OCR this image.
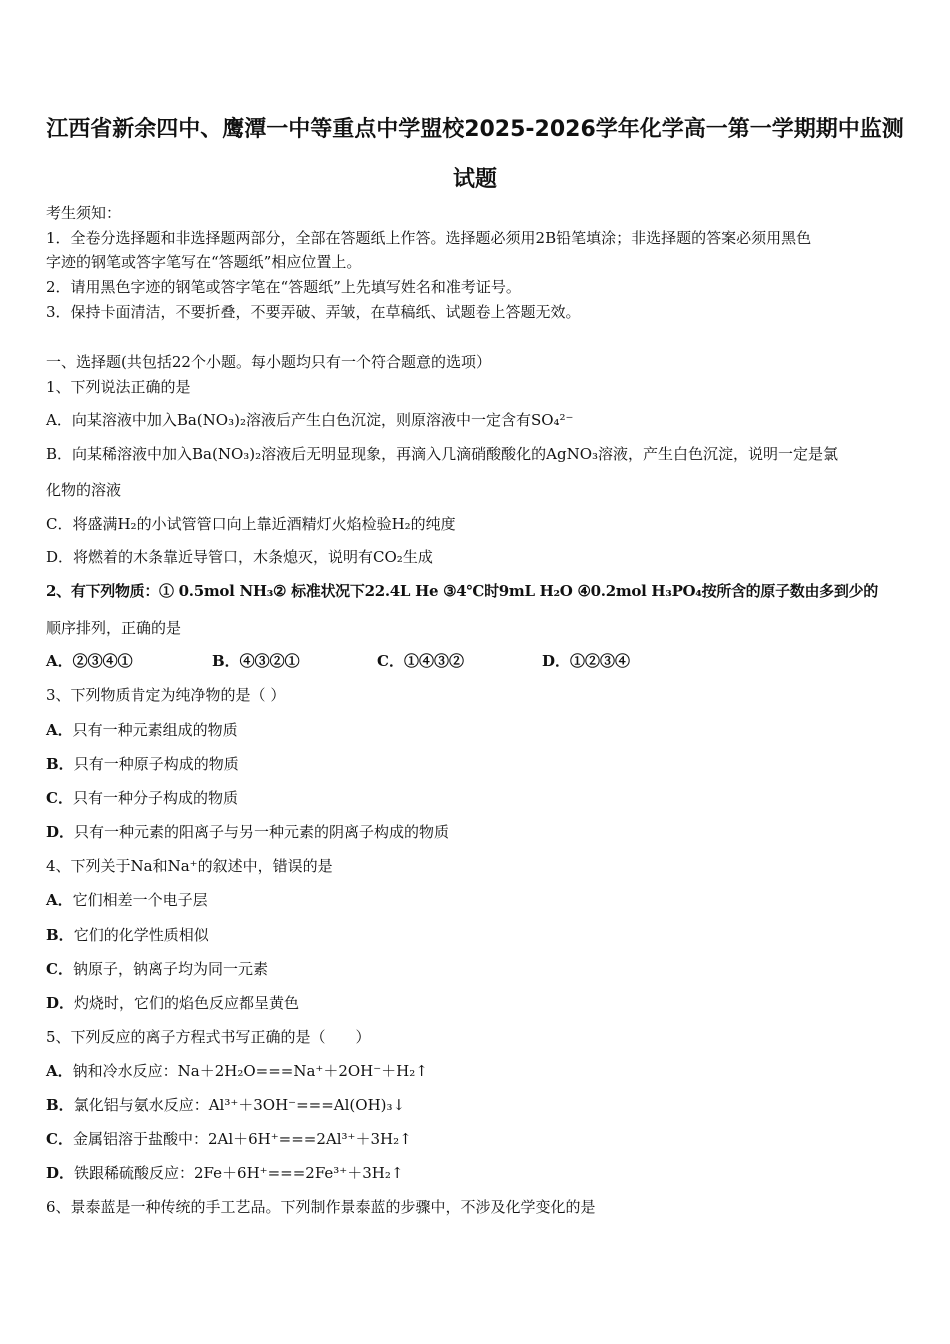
江西省新余四中、鹰潭一中等重点中学盟校2025-2026学年化学高一第一学期期中监测
试题
考生须知：
1．全卷分选择题和非选择题两部分，全部在答题纸上作答。选择题必须用2B铅笔填涂；非选择题的答案必须用黑色
字迹的钢笔或答字笔写在“答题纸”相应位置上。
2．请用黑色字迹的钢笔或答字笔在“答题纸”上先填写姓名和准考证号。
3．保持卡面清洁，不要折叠，不要弄破、弄皱，在草稿纸、试题卷上答题无效。
一、选择题(共包括22个小题。每小题均只有一个符合题意的选项）
1、下列说法正确的是
A．向某溶液中加入Ba(NO₃)₂溶液后产生白色沉淀，则原溶液中一定含有SO₄²⁻
B．向某稀溶液中加入Ba(NO₃)₂溶液后无明显现象，再滴入几滴硝酸酸化的AgNO₃溶液，产生白色沉淀，说明一定是氯
化物的溶液
C．将盛满H₂的小试管管口向上靠近酒精灯火焰检验H₂的纯度
D．将燃着的木条靠近导管口，木条熄灭，说明有CO₂生成
2、有下列物质：① 0.5mol NH₃② 标准状况下22.4L He ③4℃时9mL H₂O ④0.2mol H₃PO₄按所含的原子数由多到少的
顺序排列，正确的是
A．②③④①	B．④③②①	C．①④③②	D．①②③④
3、下列物质肯定为纯净物的是（ ）
A．只有一种元素组成的物质
B．只有一种原子构成的物质
C．只有一种分子构成的物质
D．只有一种元素的阳离子与另一种元素的阴离子构成的物质
4、下列关于Na和Na⁺的叙述中，错误的是
A．它们相差一个电子层
B．它们的化学性质相似
C．钠原子，钠离子均为同一元素
D．灼烧时，它们的焰色反应都呈黄色
5、下列反应的离子方程式书写正确的是（　　）
A．钠和冷水反应：Na＋2H₂O===Na⁺＋2OH⁻＋H₂↑
B．氯化铝与氨水反应：Al³⁺＋3OH⁻===Al(OH)₃↓
C．金属铝溶于盐酸中：2Al＋6H⁺===2Al³⁺＋3H₂↑
D．铁跟稀硫酸反应：2Fe＋6H⁺===2Fe³⁺＋3H₂↑
6、景泰蓝是一种传统的手工艺品。下列制作景泰蓝的步骤中，不涉及化学变化的是
